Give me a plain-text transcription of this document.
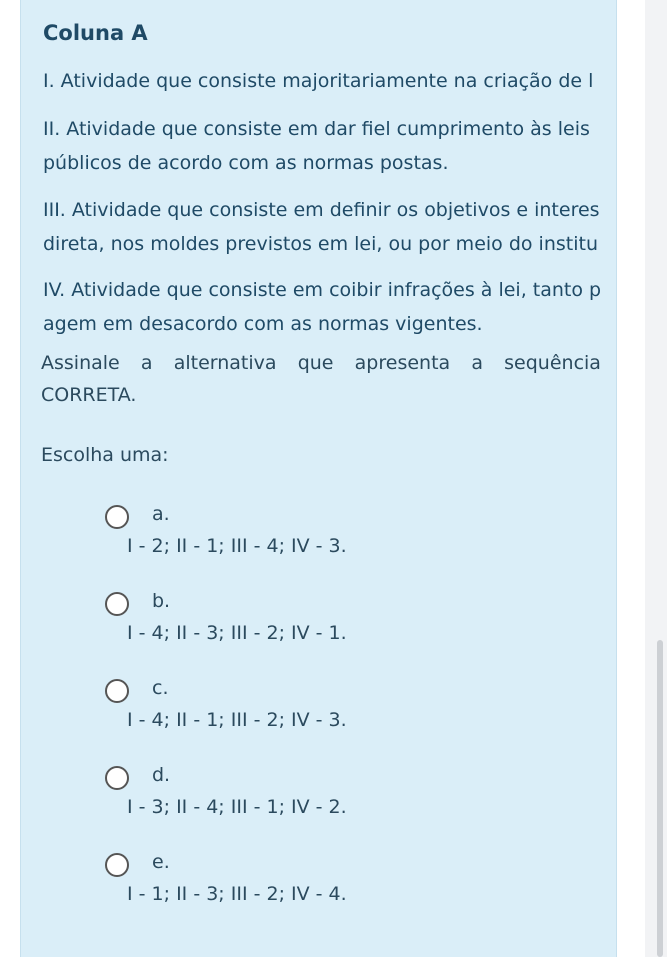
Coluna A
I. Atividade que consiste majoritariamente na criação de l
II. Atividade que consiste em dar fiel cumprimento às leis
públicos de acordo com as normas postas.
III. Atividade que consiste em definir os objetivos e interes
direta, nos moldes previstos em lei, ou por meio do institu
IV. Atividade que consiste em coibir infrações à lei, tanto p
agem em desacordo com as normas vigentes.
Assinale a alternativa que apresenta a sequência
CORRETA.
Escolha uma:
a.
I - 2; II - 1; III - 4; IV - 3.
b.
I - 4; II - 3; III - 2; IV - 1.
c.
I - 4; II - 1; III - 2; IV - 3.
d.
I - 3; II - 4; III - 1; IV - 2.
e.
I - 1; II - 3; III - 2; IV - 4.
